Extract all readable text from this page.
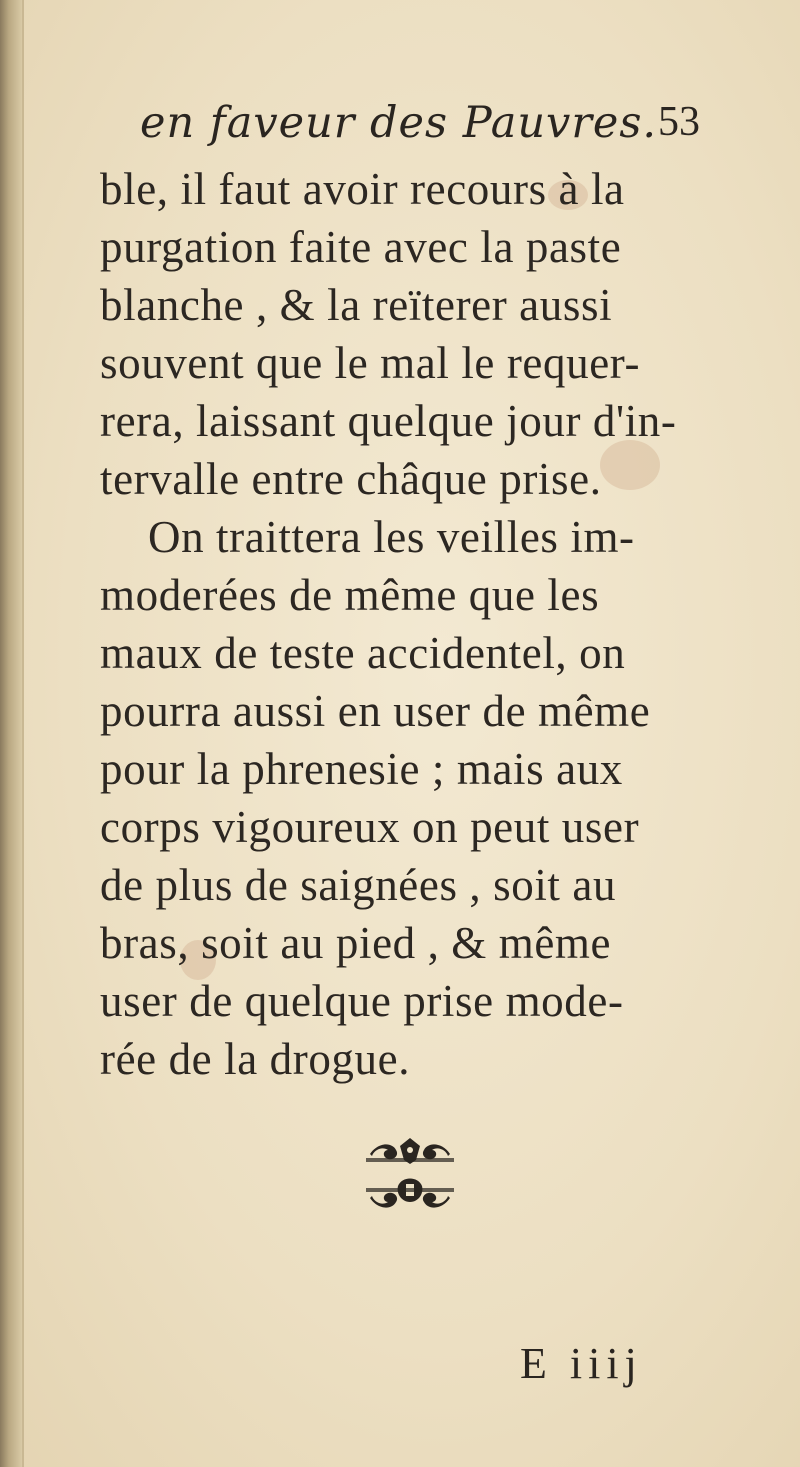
en faveur des Pauvres. 53
ble, il faut avoir recours à la
purgation faite avec la paste
blanche , & la reïterer aussi
souvent que le mal le requer-
rera, laissant quelque jour d'in-
tervalle entre châque prise.
On traittera les veilles im-
moderées de même que les
maux de teste accidentel, on
pourra aussi en user de même
pour la phrenesie ; mais aux
corps vigoureux on peut user
de plus de saignées , soit au
bras, soit au pied , & même
user de quelque prise mode-
rée de la drogue.
E iiij
